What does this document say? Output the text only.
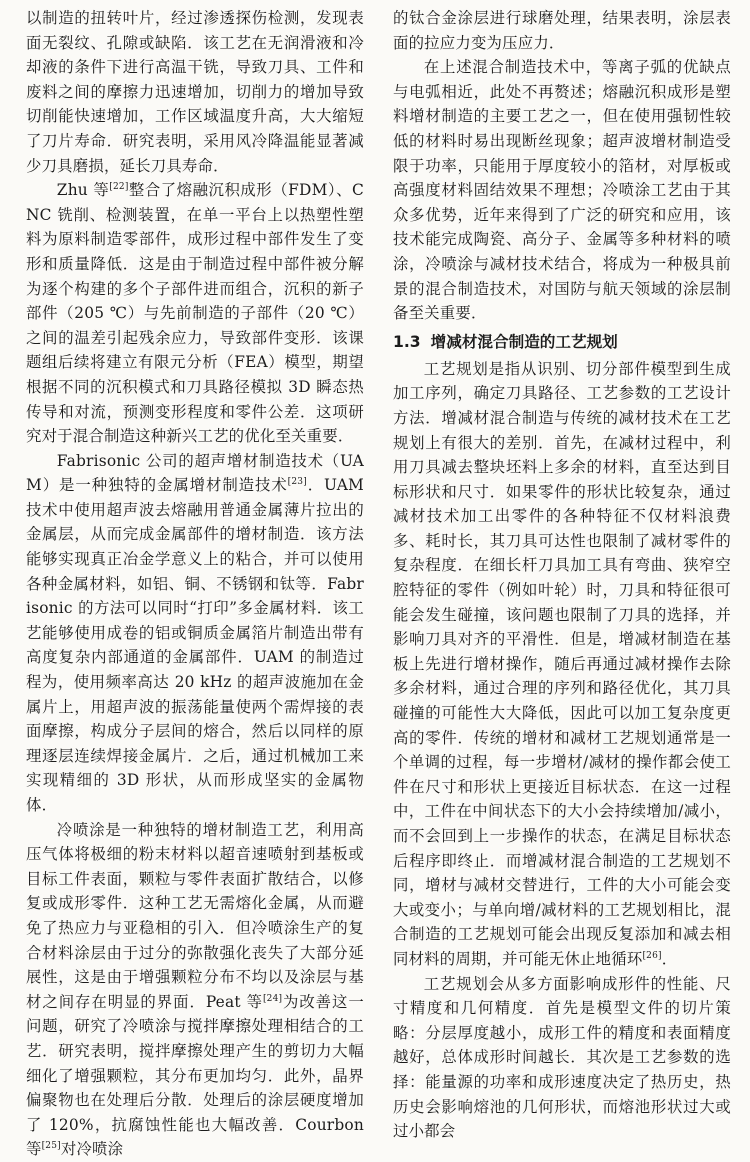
以制造的扭转叶片，经过渗透探伤检测，发现表面无裂纹、孔隙或缺陷．该工艺在无润滑液和冷却液的条件下进行高温干铣，导致刀具、工件和废料之间的摩擦力迅速增加，切削力的增加导致切削能快速增加，工作区域温度升高，大大缩短了刀片寿命．研究表明，采用风冷降温能显著减少刀具磨损，延长刀具寿命．

Zhu 等[22]整合了熔融沉积成形（FDM）、CNC 铣削、检测装置，在单一平台上以热塑性塑料为原料制造零部件，成形过程中部件发生了变形和质量降低．这是由于制造过程中部件被分解为逐个构建的多个子部件进而组合，沉积的新子部件（205 ℃）与先前制造的子部件（20 ℃）之间的温差引起残余应力，导致部件变形．该课题组后续将建立有限元分析（FEA）模型，期望根据不同的沉积模式和刀具路径模拟 3D 瞬态热传导和对流，预测变形程度和零件公差．这项研究对于混合制造这种新兴工艺的优化至关重要．

Fabrisonic 公司的超声增材制造技术（UAM）是一种独特的金属增材制造技术[23]．UAM 技术中使用超声波去熔融用普通金属薄片拉出的金属层，从而完成金属部件的增材制造．该方法能够实现真正冶金学意义上的粘合，并可以使用各种金属材料，如铝、铜、不锈钢和钛等．Fabrisonic 的方法可以同时“打印”多金属材料．该工艺能够使用成卷的铝或铜质金属箔片制造出带有高度复杂内部通道的金属部件．UAM 的制造过程为，使用频率高达 20 kHz 的超声波施加在金属片上，用超声波的振荡能量使两个需焊接的表面摩擦，构成分子层间的熔合，然后以同样的原理逐层连续焊接金属片．之后，通过机械加工来实现精细的 3D 形状，从而形成坚实的金属物体．

冷喷涂是一种独特的增材制造工艺，利用高压气体将极细的粉末材料以超音速喷射到基板或目标工件表面，颗粒与零件表面扩散结合，以修复或成形零件．这种工艺无需熔化金属，从而避免了热应力与亚稳相的引入．但冷喷涂生产的复合材料涂层由于过分的弥散强化丧失了大部分延展性，这是由于增强颗粒分布不均以及涂层与基材之间存在明显的界面．Peat 等[24]为改善这一问题，研究了冷喷涂与搅拌摩擦处理相结合的工艺．研究表明，搅拌摩擦处理产生的剪切力大幅细化了增强颗粒，其分布更加均匀．此外，晶界偏聚物也在处理后分散．处理后的涂层硬度增加了 120%，抗腐蚀性能也大幅改善．Courbon 等[25]对冷喷涂

的钛合金涂层进行球磨处理，结果表明，涂层表面的拉应力变为压应力．

在上述混合制造技术中，等离子弧的优缺点与电弧相近，此处不再赘述；熔融沉积成形是塑料增材制造的主要工艺之一，但在使用强韧性较低的材料时易出现断丝现象；超声波增材制造受限于功率，只能用于厚度较小的箔材，对厚板或高强度材料固结效果不理想；冷喷涂工艺由于其众多优势，近年来得到了广泛的研究和应用，该技术能完成陶瓷、高分子、金属等多种材料的喷涂，冷喷涂与减材技术结合，将成为一种极具前景的混合制造技术，对国防与航天领域的涂层制备至关重要．

1.3 增减材混合制造的工艺规划

工艺规划是指从识别、切分部件模型到生成加工序列，确定刀具路径、工艺参数的工艺设计方法．增减材混合制造与传统的减材技术在工艺规划上有很大的差别．首先，在减材过程中，利用刀具减去整块坯料上多余的材料，直至达到目标形状和尺寸．如果零件的形状比较复杂，通过减材技术加工出零件的各种特征不仅材料浪费多、耗时长，其刀具可达性也限制了减材零件的复杂程度．在细长杆刀具加工具有弯曲、狭窄空腔特征的零件（例如叶轮）时，刀具和特征很可能会发生碰撞，该问题也限制了刀具的选择，并影响刀具对齐的平滑性．但是，增减材制造在基板上先进行增材操作，随后再通过减材操作去除多余材料，通过合理的序列和路径优化，其刀具碰撞的可能性大大降低，因此可以加工复杂度更高的零件．传统的增材和减材工艺规划通常是一个单调的过程，每一步增材/减材的操作都会使工件在尺寸和形状上更接近目标状态．在这一过程中，工件在中间状态下的大小会持续增加/减小，而不会回到上一步操作的状态，在满足目标状态后程序即终止．而增减材混合制造的工艺规划不同，增材与减材交替进行，工件的大小可能会变大或变小；与单向增/减材料的工艺规划相比，混合制造的工艺规划可能会出现反复添加和减去相同材料的周期，并可能无休止地循环[26]．

工艺规划会从多方面影响成形件的性能、尺寸精度和几何精度．首先是模型文件的切片策略：分层厚度越小，成形工件的精度和表面精度越好，总体成形时间越长．其次是工艺参数的选择：能量源的功率和成形速度决定了热历史，热历史会影响熔池的几何形状，而熔池形状过大或过小都会
